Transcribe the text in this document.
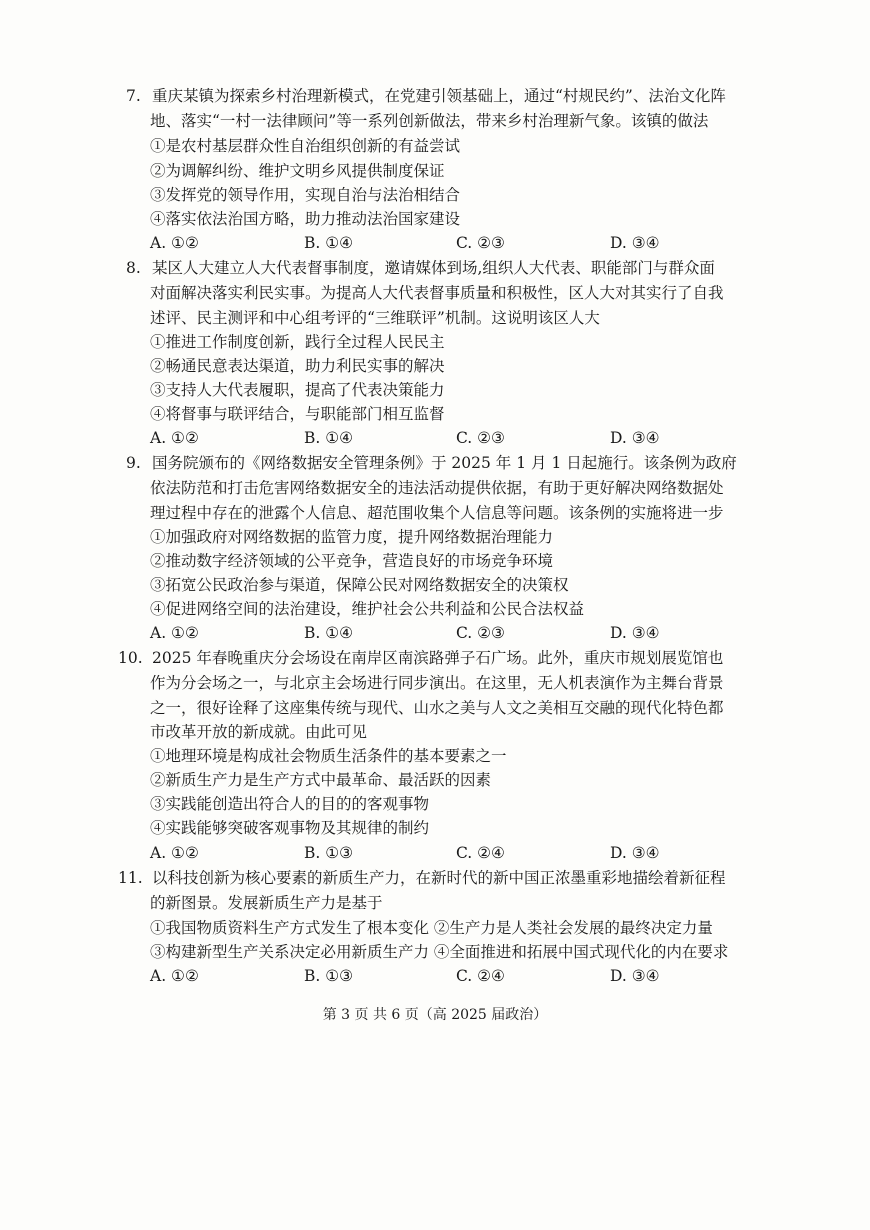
7. 重庆某镇为探索乡村治理新模式，在党建引领基础上，通过“村规民约”、法治文化阵
地、落实“一村一法律顾问”等一系列创新做法，带来乡村治理新气象。该镇的做法
①是农村基层群众性自治组织创新的有益尝试
②为调解纠纷、维护文明乡风提供制度保证
③发挥党的领导作用，实现自治与法治相结合
④落实依法治国方略，助力推动法治国家建设
A. ①②	B. ①④	C. ②③	D. ③④
8. 某区人大建立人大代表督事制度，邀请媒体到场,组织人大代表、职能部门与群众面
对面解决落实利民实事。为提高人大代表督事质量和积极性，区人大对其实行了自我
述评、民主测评和中心组考评的“三维联评”机制。这说明该区人大
①推进工作制度创新，践行全过程人民民主
②畅通民意表达渠道，助力利民实事的解决
③支持人大代表履职，提高了代表决策能力
④将督事与联评结合，与职能部门相互监督
A. ①②	B. ①④	C. ②③	D. ③④
9. 国务院颁布的《网络数据安全管理条例》于 2025 年 1 月 1 日起施行。该条例为政府
依法防范和打击危害网络数据安全的违法活动提供依据，有助于更好解决网络数据处
理过程中存在的泄露个人信息、超范围收集个人信息等问题。该条例的实施将进一步
①加强政府对网络数据的监管力度，提升网络数据治理能力
②推动数字经济领域的公平竞争，营造良好的市场竞争环境
③拓宽公民政治参与渠道，保障公民对网络数据安全的决策权
④促进网络空间的法治建设，维护社会公共利益和公民合法权益
A. ①②	B. ①④	C. ②③	D. ③④
10. 2025 年春晚重庆分会场设在南岸区南滨路弹子石广场。此外，重庆市规划展览馆也
作为分会场之一，与北京主会场进行同步演出。在这里，无人机表演作为主舞台背景
之一，很好诠释了这座集传统与现代、山水之美与人文之美相互交融的现代化特色都
市改革开放的新成就。由此可见
①地理环境是构成社会物质生活条件的基本要素之一
②新质生产力是生产方式中最革命、最活跃的因素
③实践能创造出符合人的目的的客观事物
④实践能够突破客观事物及其规律的制约
A. ①②	B. ①③	C. ②④	D. ③④
11. 以科技创新为核心要素的新质生产力，在新时代的新中国正浓墨重彩地描绘着新征程
的新图景。发展新质生产力是基于
①我国物质资料生产方式发生了根本变化 ②生产力是人类社会发展的最终决定力量
③构建新型生产关系决定必用新质生产力 ④全面推进和拓展中国式现代化的内在要求
A. ①②	B. ①③	C. ②④	D. ③④
第 3 页 共 6 页（高 2025 届政治）
